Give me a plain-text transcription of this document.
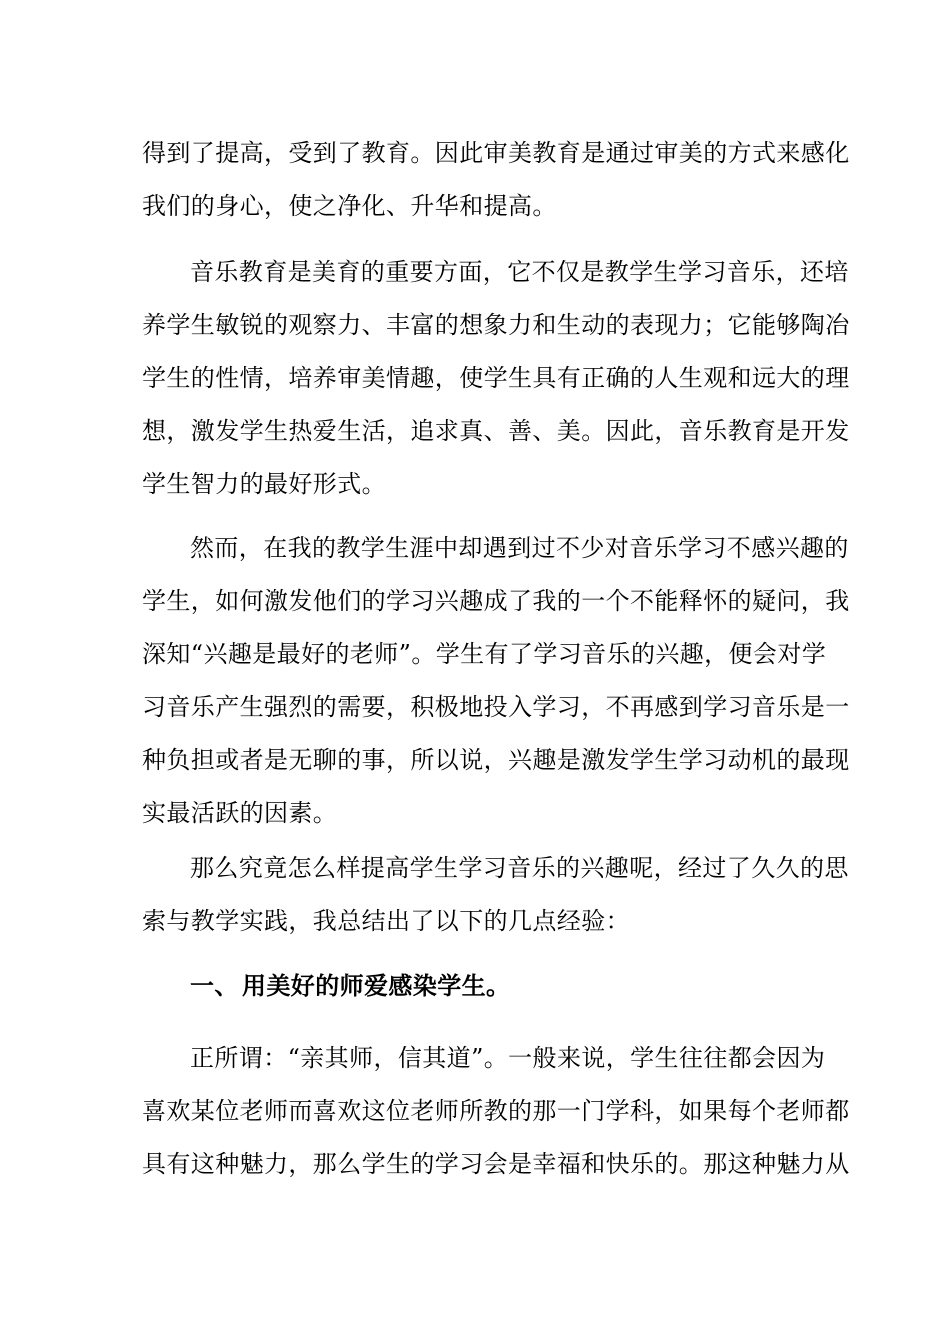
得到了提高，受到了教育。因此审美教育是通过审美的方式来感化
我们的身心，使之净化、升华和提高。
音乐教育是美育的重要方面，它不仅是教学生学习音乐，还培
养学生敏锐的观察力、丰富的想象力和生动的表现力；它能够陶冶
学生的性情，培养审美情趣，使学生具有正确的人生观和远大的理
想，激发学生热爱生活，追求真、善、美。因此，音乐教育是开发
学生智力的最好形式。
然而，在我的教学生涯中却遇到过不少对音乐学习不感兴趣的
学生，如何激发他们的学习兴趣成了我的一个不能释怀的疑问，我
深知“兴趣是最好的老师”。学生有了学习音乐的兴趣，便会对学
习音乐产生强烈的需要，积极地投入学习，不再感到学习音乐是一
种负担或者是无聊的事，所以说，兴趣是激发学生学习动机的最现
实最活跃的因素。
那么究竟怎么样提高学生学习音乐的兴趣呢，经过了久久的思
索与教学实践，我总结出了以下的几点经验：
一、 用美好的师爱感染学生。
正所谓：“亲其师，信其道”。一般来说，学生往往都会因为
喜欢某位老师而喜欢这位老师所教的那一门学科，如果每个老师都
具有这种魅力，那么学生的学习会是幸福和快乐的。那这种魅力从
